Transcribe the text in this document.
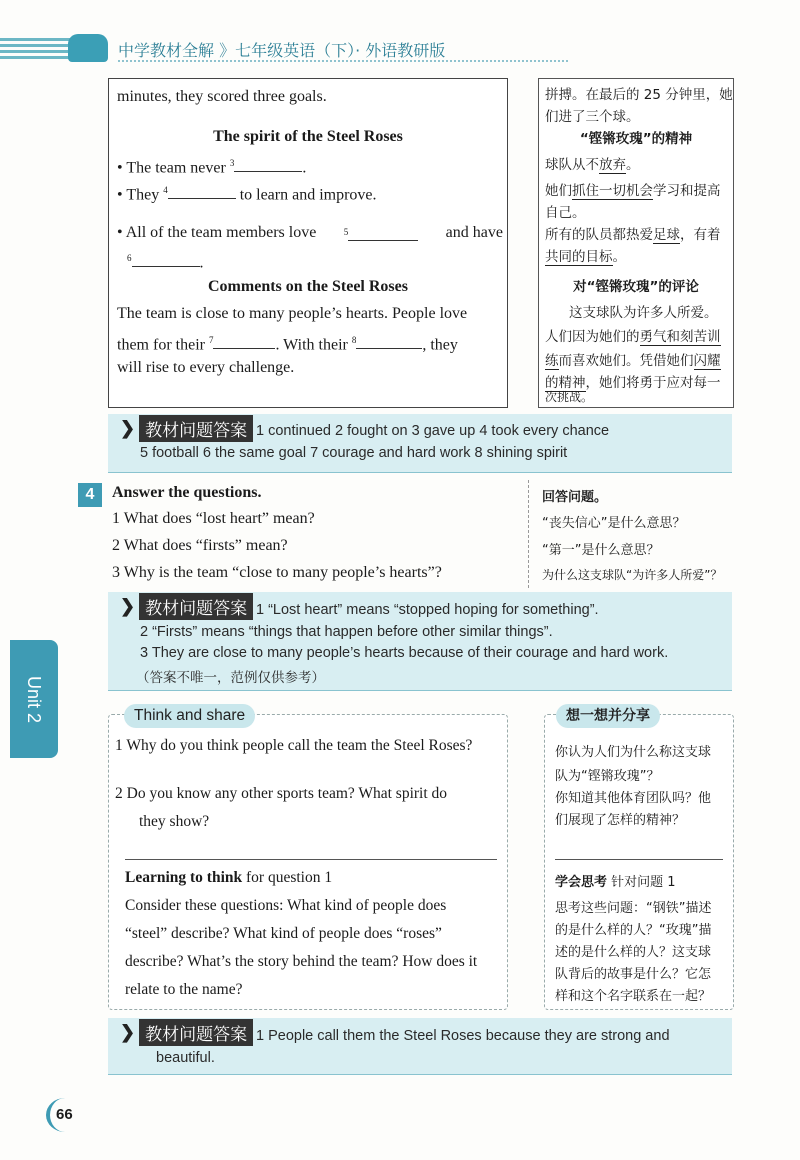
中学教材全解 》七年级英语（下）· 外语教研版
Unit 2
minutes, they scored three goals.
The spirit of the Steel Roses
• The team never $^3$	.
• They $^4$	to learn and improve.
• All of the team members love	$^5$	and have
$^6$	.
Comments on the Steel Roses
The team is close to many people’s hearts. People love
them for their $^7$	. With their $^8$	, they
will rise to every challenge.
拼搏。在最后的 25 分钟里，她
们进了三个球。
“铿锵玫瑰”的精神
球队从不放弃。
她们抓住一切机会学习和提高
自己。
所有的队员都热爱足球，有着
共同的目标。
对“铿锵玫瑰”的评论
这支球队为许多人所爱。
人们因为她们的勇气和刻苦训
练而喜欢她们。凭借她们闪耀
的精神，她们将勇于应对每一
次挑战。
❯ 教材问题答案 1 continued 2 fought on 3 gave up 4 took every chance
5 football 6 the same goal 7 courage and hard work 8 shining spirit
4	Answer the questions.
1 What does “lost heart” mean?
2 What does “firsts” mean?
3 Why is the team “close to many people’s hearts”?
回答问题。
“丧失信心”是什么意思？
“第一”是什么意思？
为什么这支球队“为许多人所爱”？
❯ 教材问题答案 1 “Lost heart” means “stopped hoping for something”.
2 “Firsts” means “things that happen before other similar things”.
3 They are close to many people’s hearts because of their courage and hard work.
（答案不唯一，范例仅供参考）
1 Why do you think people call the team the Steel Roses?
2 Do you know any other sports team? What spirit do
they show?
Learning to think for question 1
Consider these questions: What kind of people does
“steel” describe? What kind of people does “roses”
describe? What’s the story behind the team? How does it
relate to the name?
Think and share
你认为人们为什么称这支球
队为“铿锵玫瑰”？
你知道其他体育团队吗？他
们展现了怎样的精神？
学会思考 针对问题 1
思考这些问题：“钢铁”描述
的是什么样的人？“玫瑰”描
述的是什么样的人？这支球
队背后的故事是什么？它怎
样和这个名字联系在一起？
想一想并分享
❯ 教材问题答案 1 People call them the Steel Roses because they are strong and
beautiful.
66
